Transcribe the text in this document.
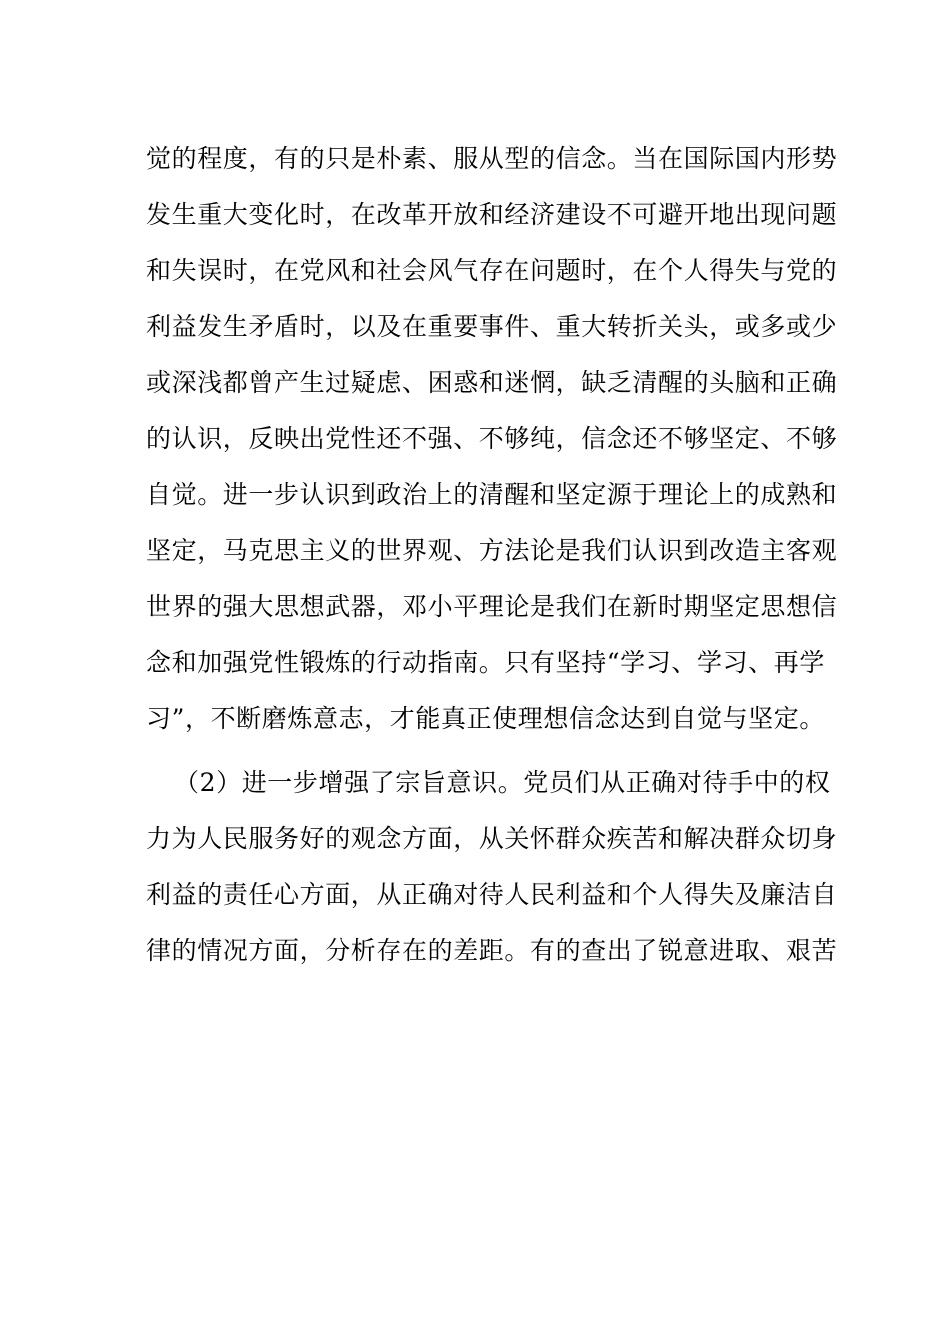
觉的程度，有的只是朴素、服从型的信念。当在国际国内形势
发生重大变化时，在改革开放和经济建设不可避开地出现问题
和失误时，在党风和社会风气存在问题时，在个人得失与党的
利益发生矛盾时，以及在重要事件、重大转折关头，或多或少
或深浅都曾产生过疑虑、困惑和迷惘，缺乏清醒的头脑和正确
的认识，反映出党性还不强、不够纯，信念还不够坚定、不够
自觉。进一步认识到政治上的清醒和坚定源于理论上的成熟和
坚定，马克思主义的世界观、方法论是我们认识到改造主客观
世界的强大思想武器，邓小平理论是我们在新时期坚定思想信
念和加强党性锻炼的行动指南。只有坚持“学习、学习、再学
习”，不断磨炼意志，才能真正使理想信念达到自觉与坚定。
（2）进一步增强了宗旨意识。党员们从正确对待手中的权
力为人民服务好的观念方面，从关怀群众疾苦和解决群众切身
利益的责任心方面，从正确对待人民利益和个人得失及廉洁自
律的情况方面，分析存在的差距。有的查出了锐意进取、艰苦
